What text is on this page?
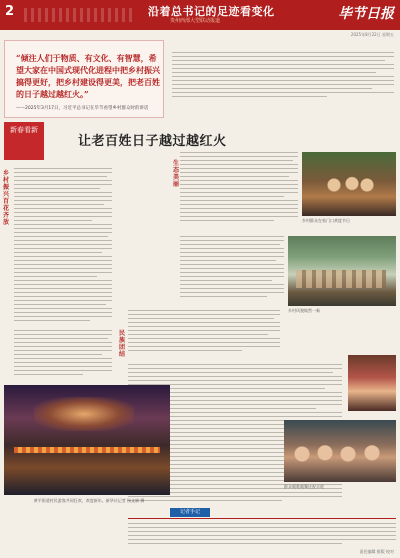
2	沿着总书记的足迹看变化
贵州西部大型联动报道	毕节日报
2025年8月22日 星期五
“倾注人们于物质、有文化、有智慧，希望大家在中国式现代化进程中把乡村振兴搞得更好，把乡村建设得更美，把老百姓的日子越过越红火。”
——2025年3月17日，习近平总书记在毕节看望乡村群众时的讲话
新春看新
让老百姓日子越过越红火
乡
村
振
兴
百
花
齐
放
生
态
美
丽
民
族
团
结
黄平街道村民游客共同狂欢，欢度新年。新华社记者 杨文斌 摄
乡村群众在家门口欢度节日
乡村风貌焕然一新
群众载歌载舞庆祝丰收
记者手记
责任编辑 排版 校对
